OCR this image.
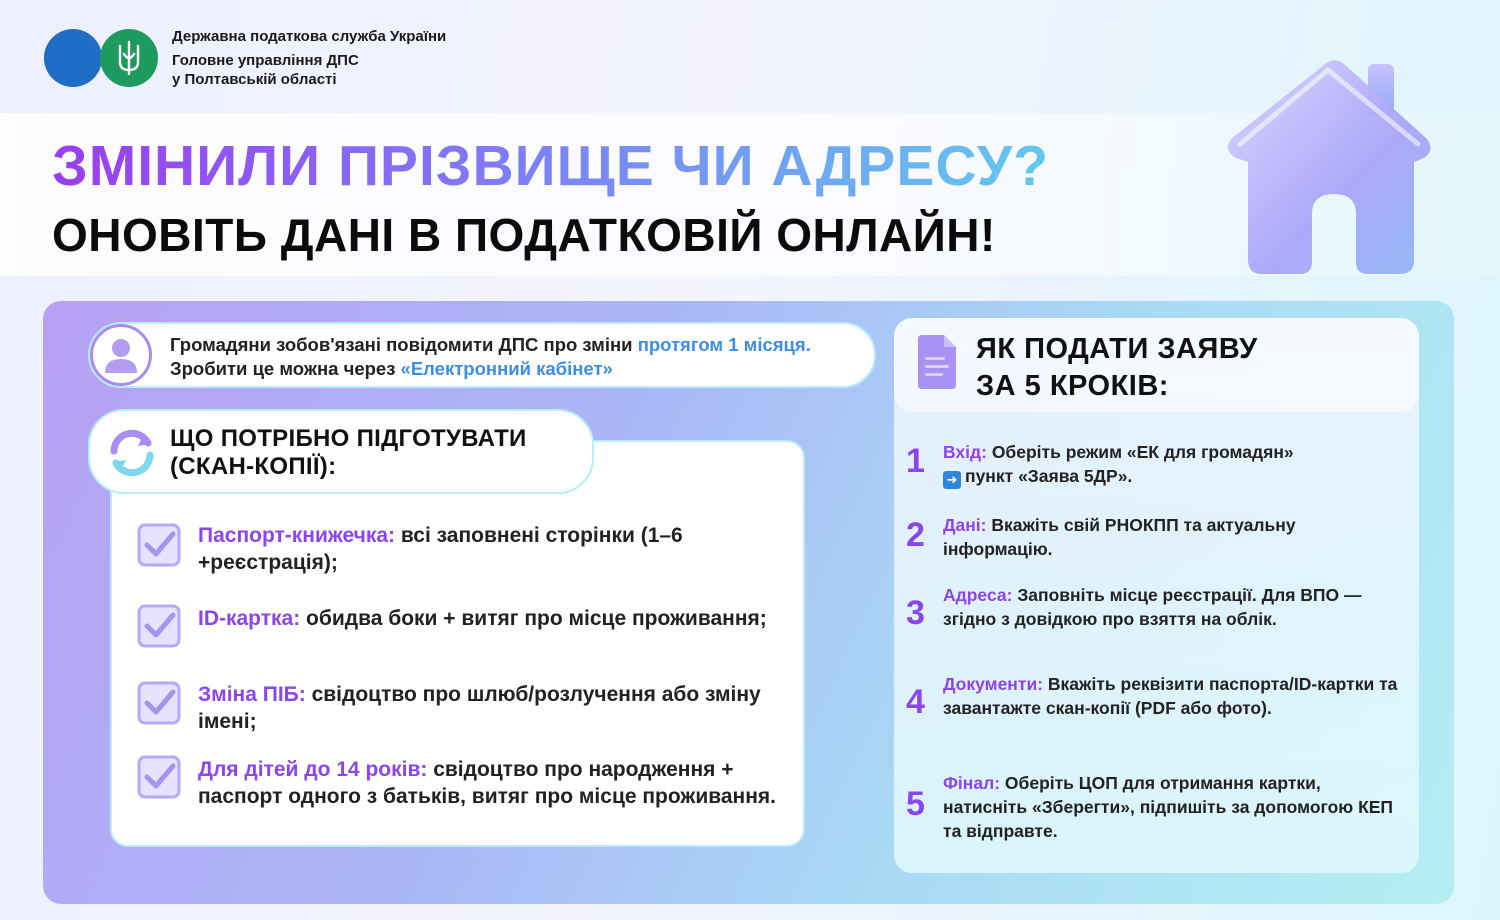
Державна податкова служба України
Головне управління ДПС
у Полтавській області
ЗМІНИЛИ ПРІЗВИЩЕ ЧИ АДРЕСУ?
ОНОВІТЬ ДАНІ В ПОДАТКОВІЙ ОНЛАЙН!
Громадяни зобов'язані повідомити ДПС про зміни протягом 1 місяця. Зробити це можна через «Електронний кабінет»
ЩО ПОТРІБНО ПІДГОТУВАТИ
(СКАН-КОПІЇ):
Паспорт-книжечка: всі заповнені сторінки (1–6 +реєстрація);
ID-картка: обидва боки + витяг про місце проживання;
Зміна ПІБ: свідоцтво про шлюб/розлучення або зміну імені;
Для дітей до 14 років: свідоцтво про народження + паспорт одного з батьків, витяг про місце проживання.
ЯК ПОДАТИ ЗАЯВУ
ЗА 5 КРОКІВ:
1 Вхід: Оберіть режим «ЕК для громадян»
➜ пункт «Заява 5ДР».
2 Дані: Вкажіть свій РНОКПП та актуальну інформацію.
3 Адреса: Заповніть місце реєстрації. Для ВПО — згідно з довідкою про взяття на облік.
4 Документи: Вкажіть реквізити паспорта/ID-картки та завантажте скан-копії (PDF або фото).
5
Фінал: Оберіть ЦОП для отримання картки, натисніть «Зберегти», підпишіть за допомогою КЕП та відправте.
